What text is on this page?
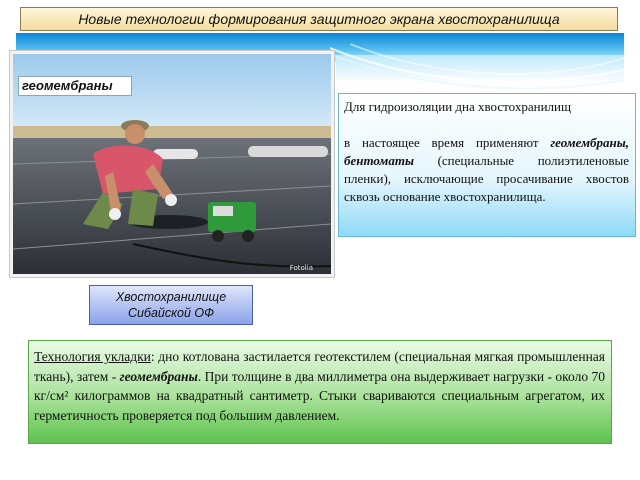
Новые технологии формирования защитного экрана хвостохранилища
Fotolia
геомембраны
Для гидроизоляции дна хвостохранилищ
в настоящее время применяют геомембраны, бентоматы (специальные полиэтиленовые пленки), исключающие просачивание хвостов сквозь основание хвостохранилища.
Хвостохранилище
Сибайской ОФ
Технология укладки: дно котлована застилается геотекстилем (специальная мягкая промышленная ткань), затем - геомембраны. При толщине в два миллиметра она выдерживает нагрузки - около 70 кг/см² килограммов на квадратный сантиметр. Стыки свариваются специальным агрегатом, их герметичность проверяется под большим давлением.
